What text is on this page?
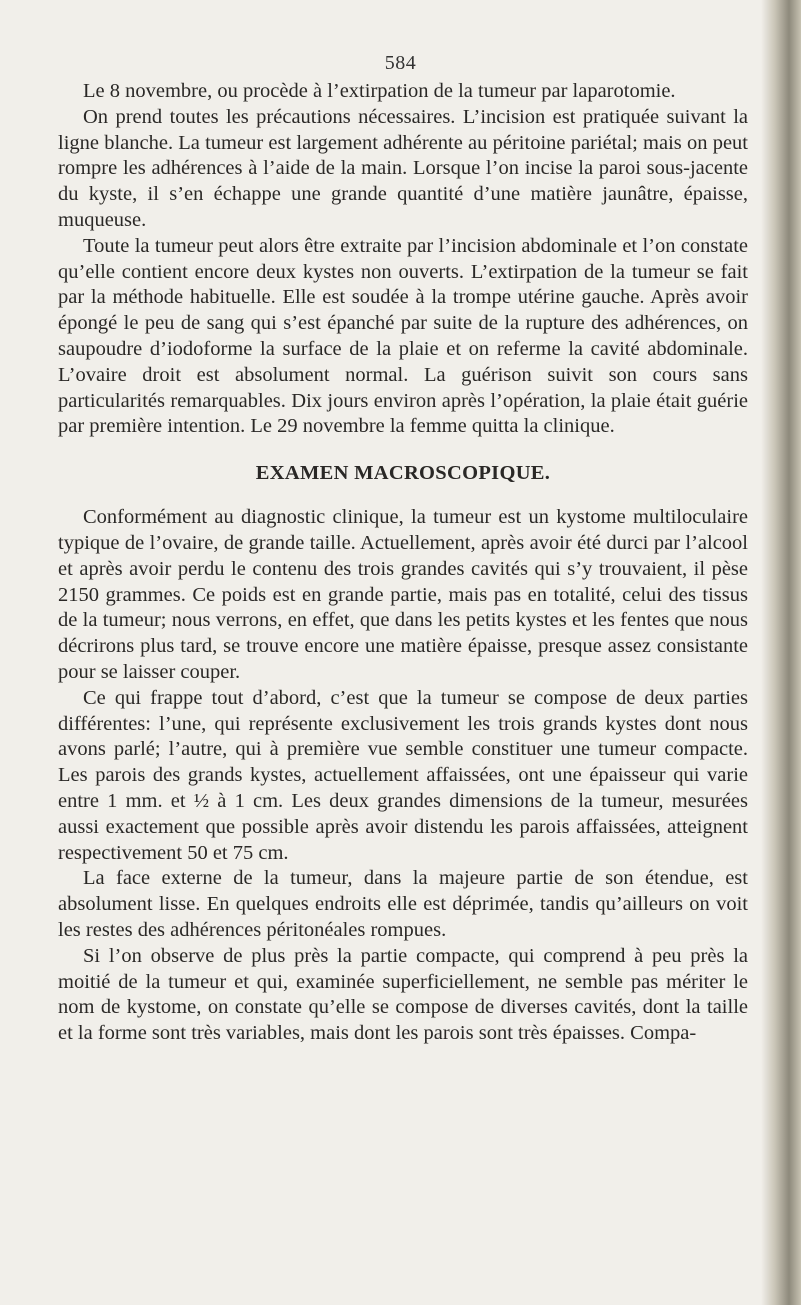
584

Le 8 novembre, ou procède à l’extirpation de la tumeur par laparotomie.

On prend toutes les précautions nécessaires. L’incision est pratiquée suivant la ligne blanche. La tumeur est largement adhérente au péritoine pariétal; mais on peut rompre les adhérences à l’aide de la main. Lorsque l’on incise la paroi sous-jacente du kyste, il s’en échappe une grande quantité d’une matière jaunâtre, épaisse, muqueuse.

Toute la tumeur peut alors être extraite par l’incision abdominale et l’on constate qu’elle contient encore deux kystes non ouverts. L’extirpation de la tumeur se fait par la méthode habituelle. Elle est soudée à la trompe utérine gauche. Après avoir épongé le peu de sang qui s’est épanché par suite de la rupture des adhérences, on saupoudre d’iodoforme la surface de la plaie et on referme la cavité abdominale. L’ovaire droit est absolument normal. La guérison suivit son cours sans particularités remarquables. Dix jours environ après l’opération, la plaie était guérie par première intention. Le 29 novembre la femme quitta la clinique.

EXAMEN MACROSCOPIQUE.

Conformément au diagnostic clinique, la tumeur est un kystome multiloculaire typique de l’ovaire, de grande taille. Actuellement, après avoir été durci par l’alcool et après avoir perdu le contenu des trois grandes cavités qui s’y trouvaient, il pèse 2150 grammes. Ce poids est en grande partie, mais pas en totalité, celui des tissus de la tumeur; nous verrons, en effet, que dans les petits kystes et les fentes que nous décrirons plus tard, se trouve encore une matière épaisse, presque assez consistante pour se laisser couper.

Ce qui frappe tout d’abord, c’est que la tumeur se compose de deux parties différentes: l’une, qui représente exclusivement les trois grands kystes dont nous avons parlé; l’autre, qui à première vue semble constituer une tumeur compacte. Les parois des grands kystes, actuellement affaissées, ont une épaisseur qui varie entre 1 mm. et ½ à 1 cm. Les deux grandes dimensions de la tumeur, mesurées aussi exactement que possible après avoir distendu les parois affaissées, atteignent respectivement 50 et 75 cm.

La face externe de la tumeur, dans la majeure partie de son étendue, est absolument lisse. En quelques endroits elle est déprimée, tandis qu’ailleurs on voit les restes des adhérences péritonéales rompues.

Si l’on observe de plus près la partie compacte, qui comprend à peu près la moitié de la tumeur et qui, examinée superficiellement, ne semble pas mériter le nom de kystome, on constate qu’elle se compose de diverses cavités, dont la taille et la forme sont très variables, mais dont les parois sont très épaisses. Compa-
